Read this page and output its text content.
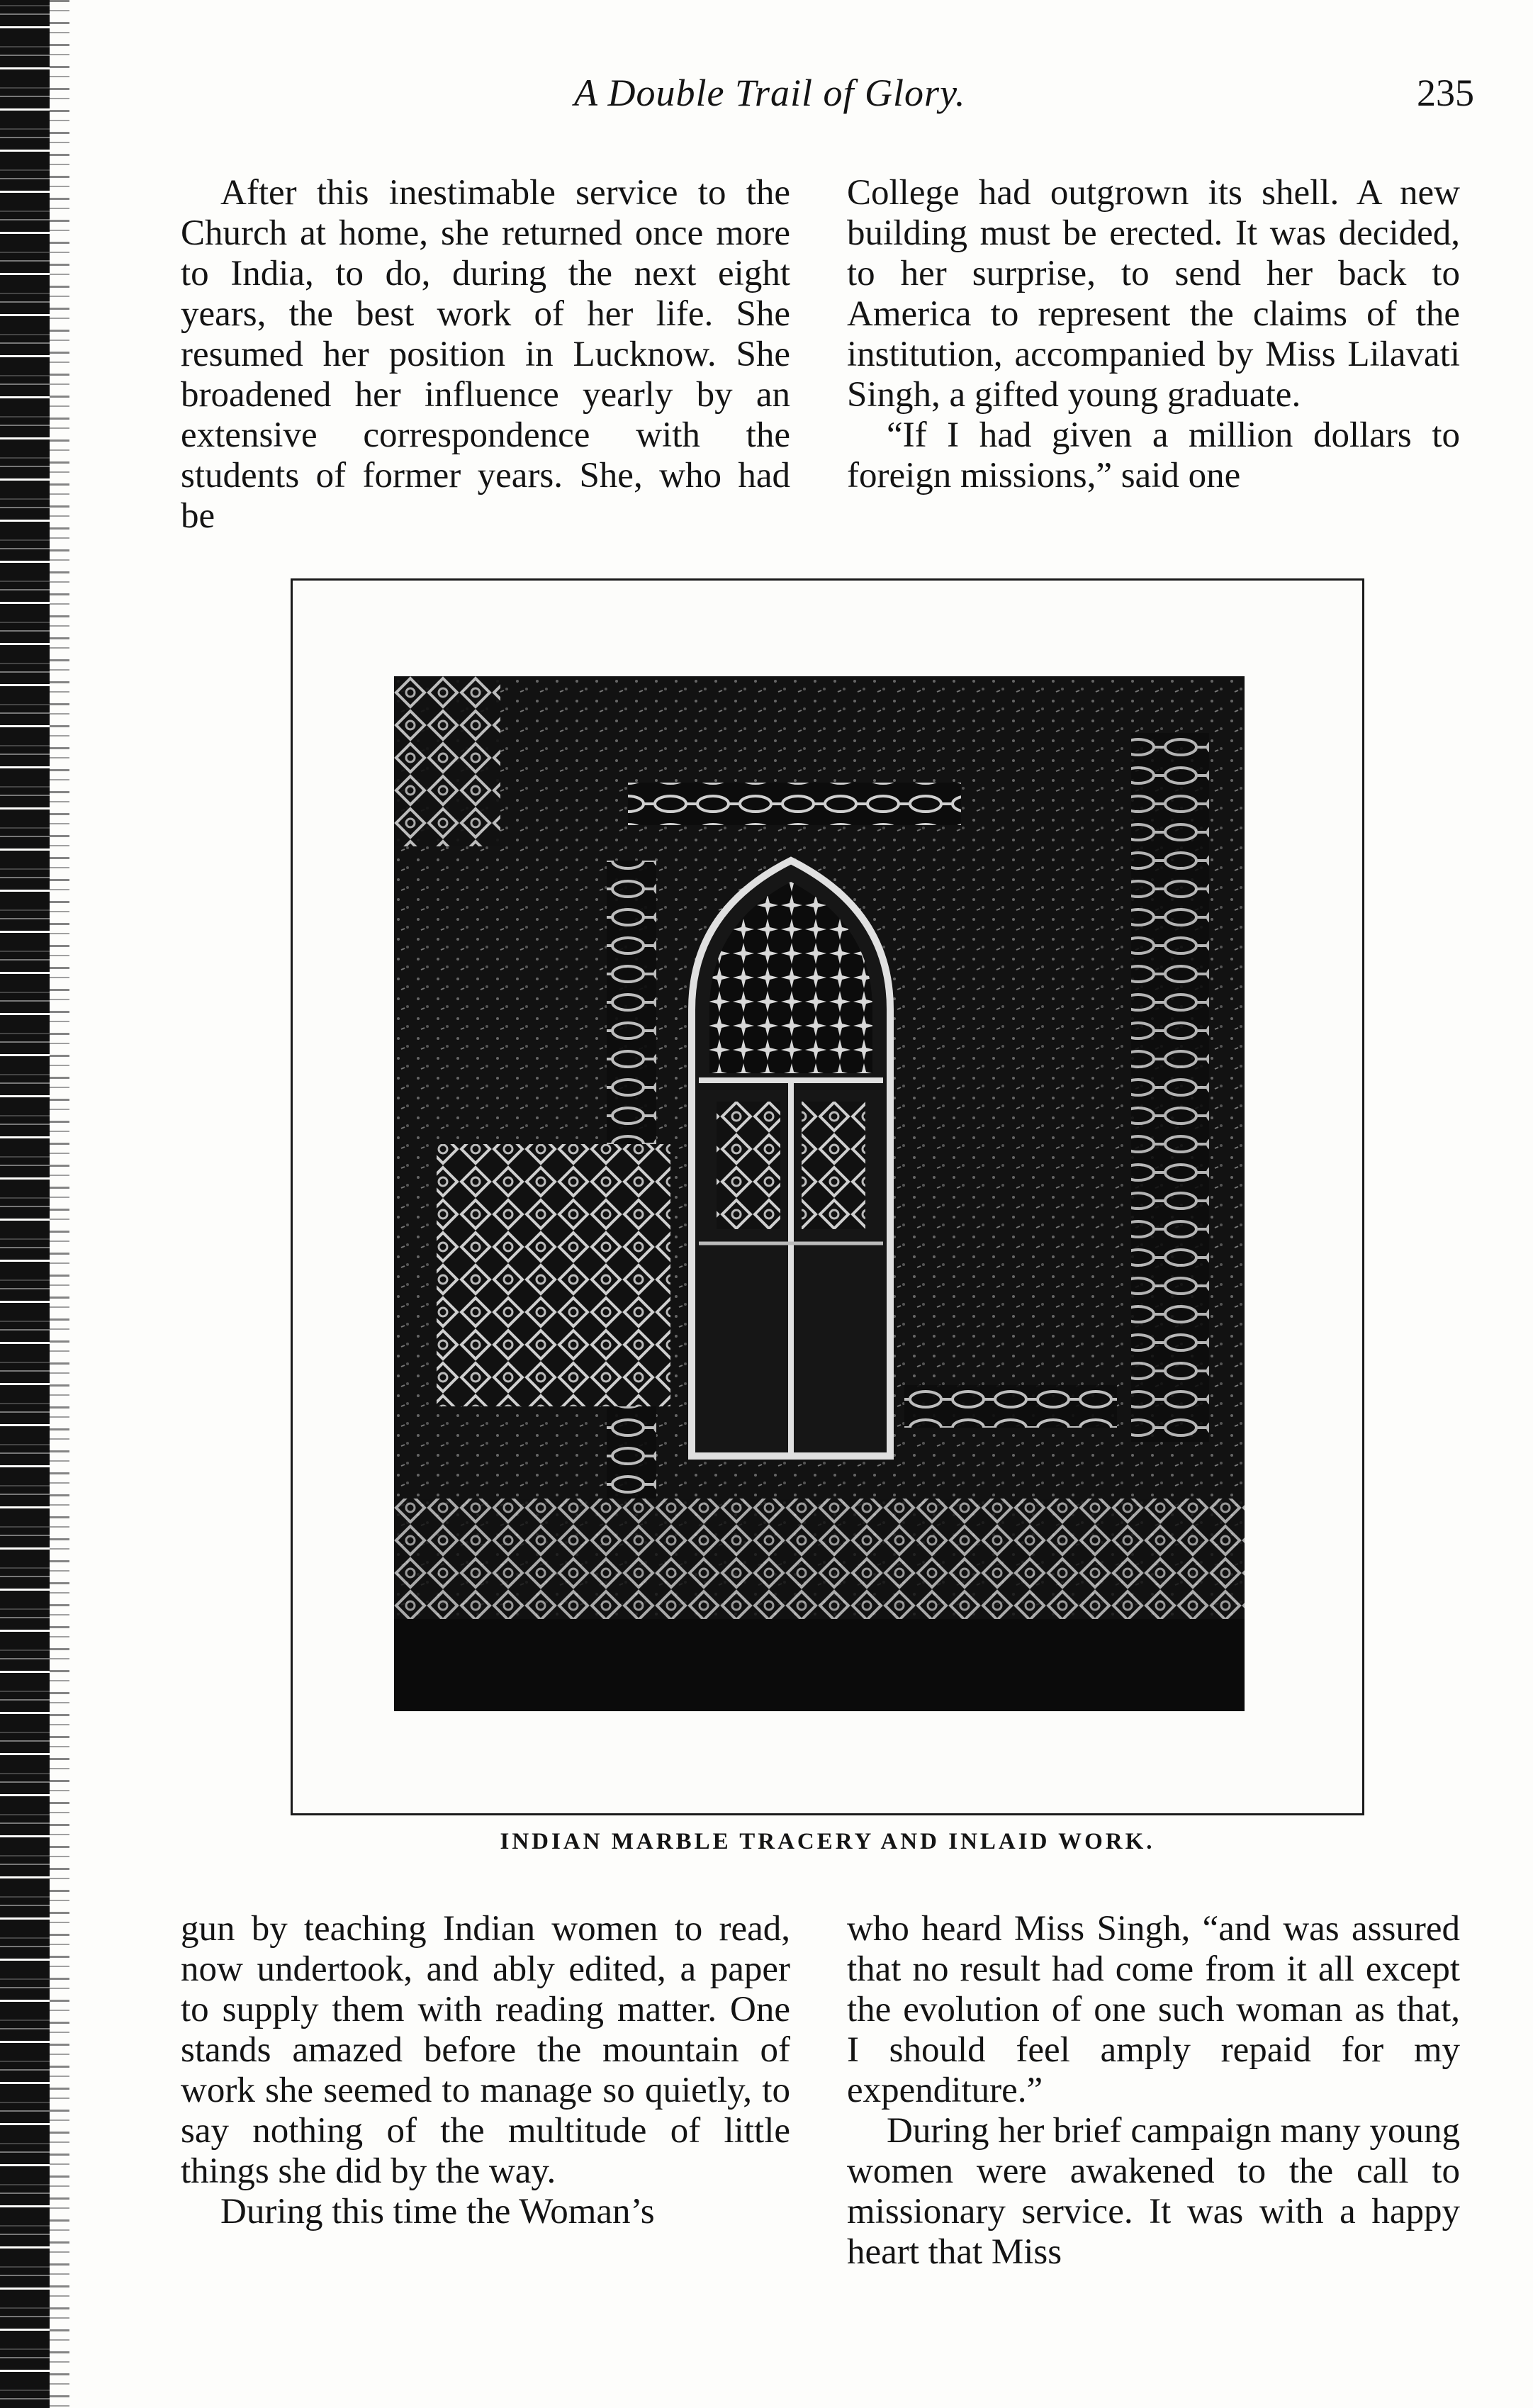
A Double Trail of Glory.	235

After this inestimable service to the Church at home, she returned once more to India, to do, during the next eight years, the best work of her life. She resumed her position in Lucknow. She broadened her influence yearly by an extensive correspondence with the students of former years. She, who had be

College had outgrown its shell. A new building must be erected. It was decided, to her surprise, to send her back to America to represent the claims of the institution, accompanied by Miss Lilavati Singh, a gifted young graduate.

“If I had given a million dollars to foreign missions,” said one

INDIAN MARBLE TRACERY AND INLAID WORK.

gun by teaching Indian women to read, now undertook, and ably edited, a paper to supply them with reading matter. One stands amazed before the mountain of work she seemed to manage so quietly, to say nothing of the multitude of little things she did by the way.

During this time the Woman’s

who heard Miss Singh, “and was assured that no result had come from it all except the evolution of one such woman as that, I should feel amply repaid for my expenditure.”

During her brief campaign many young women were awakened to the call to missionary service. It was with a happy heart that Miss
